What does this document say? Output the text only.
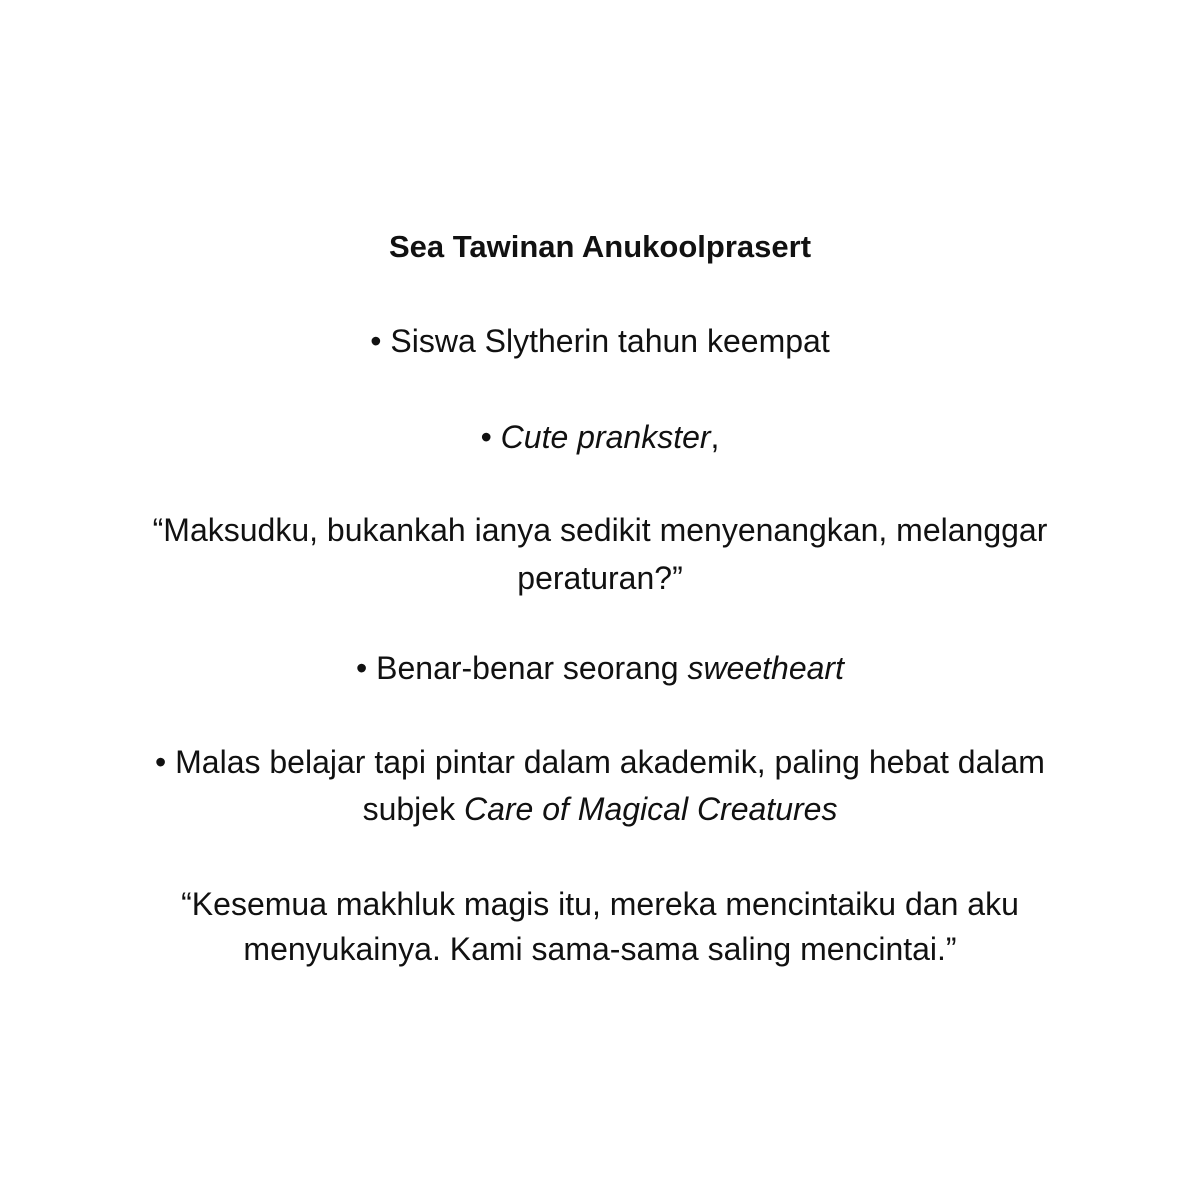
Sea Tawinan Anukoolprasert
• Siswa Slytherin tahun keempat
• Cute prankster,
“Maksudku, bukankah ianya sedikit menyenangkan, melanggar
peraturan?”
• Benar-benar seorang sweetheart
• Malas belajar tapi pintar dalam akademik, paling hebat dalam
subjek Care of Magical Creatures
“Kesemua makhluk magis itu, mereka mencintaiku dan aku
menyukainya. Kami sama-sama saling mencintai.”
